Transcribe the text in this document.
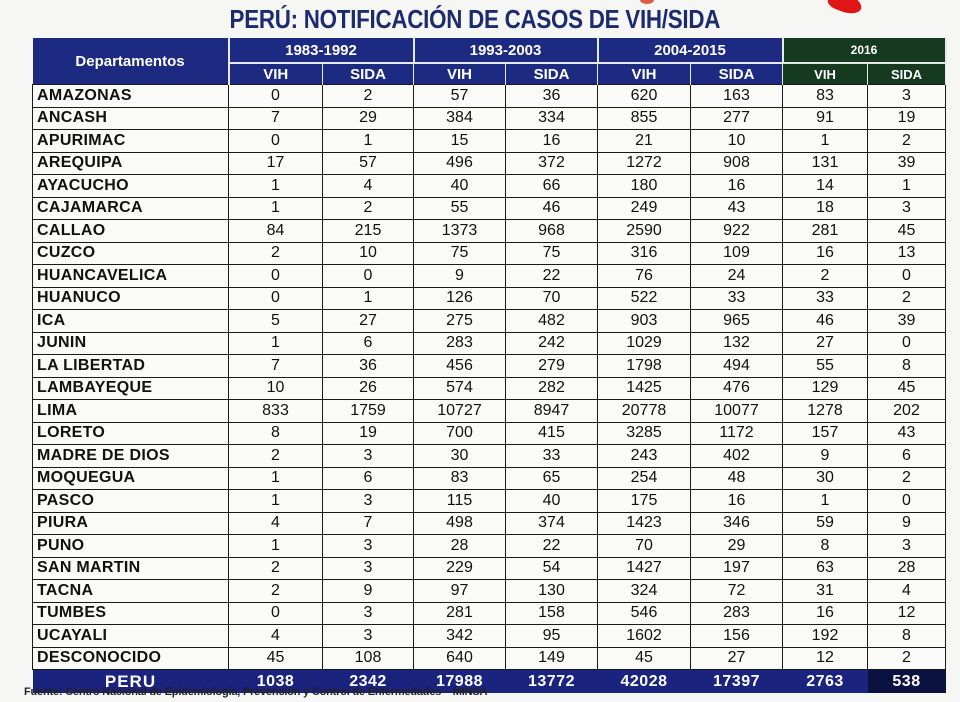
PERÚ: NOTIFICACIÓN DE CASOS DE VIH/SIDA
Departamentos	1983-1992		1993-2003		2004-2015		2016	
	VIH	SIDA	VIH	SIDA	VIH	SIDA	VIH	SIDA
AMAZONAS	0	2	57	36	620	163	83	3
ANCASH	7	29	384	334	855	277	91	19
APURIMAC	0	1	15	16	21	10	1	2
AREQUIPA	17	57	496	372	1272	908	131	39
AYACUCHO	1	4	40	66	180	16	14	1
CAJAMARCA	1	2	55	46	249	43	18	3
CALLAO	84	215	1373	968	2590	922	281	45
CUZCO	2	10	75	75	316	109	16	13
HUANCAVELICA	0	0	9	22	76	24	2	0
HUANUCO	0	1	126	70	522	33	33	2
ICA	5	27	275	482	903	965	46	39
JUNIN	1	6	283	242	1029	132	27	0
LA LIBERTAD	7	36	456	279	1798	494	55	8
LAMBAYEQUE	10	26	574	282	1425	476	129	45
LIMA	833	1759	10727	8947	20778	10077	1278	202
LORETO	8	19	700	415	3285	1172	157	43
MADRE DE DIOS	2	3	30	33	243	402	9	6
MOQUEGUA	1	6	83	65	254	48	30	2
PASCO	1	3	115	40	175	16	1	0
PIURA	4	7	498	374	1423	346	59	9
PUNO	1	3	28	22	70	29	8	3
SAN MARTIN	2	3	229	54	1427	197	63	28
TACNA	2	9	97	130	324	72	31	4
TUMBES	0	3	281	158	546	283	16	12
UCAYALI	4	3	342	95	1602	156	192	8
DESCONOCIDO	45	108	640	149	45	27	12	2
PERU	1038	2342	17988	13772	42028	17397	2763	538
Fuente: Centro Nacional de Epidemiología, Prevención y Control de Enfermedades – MINSA
